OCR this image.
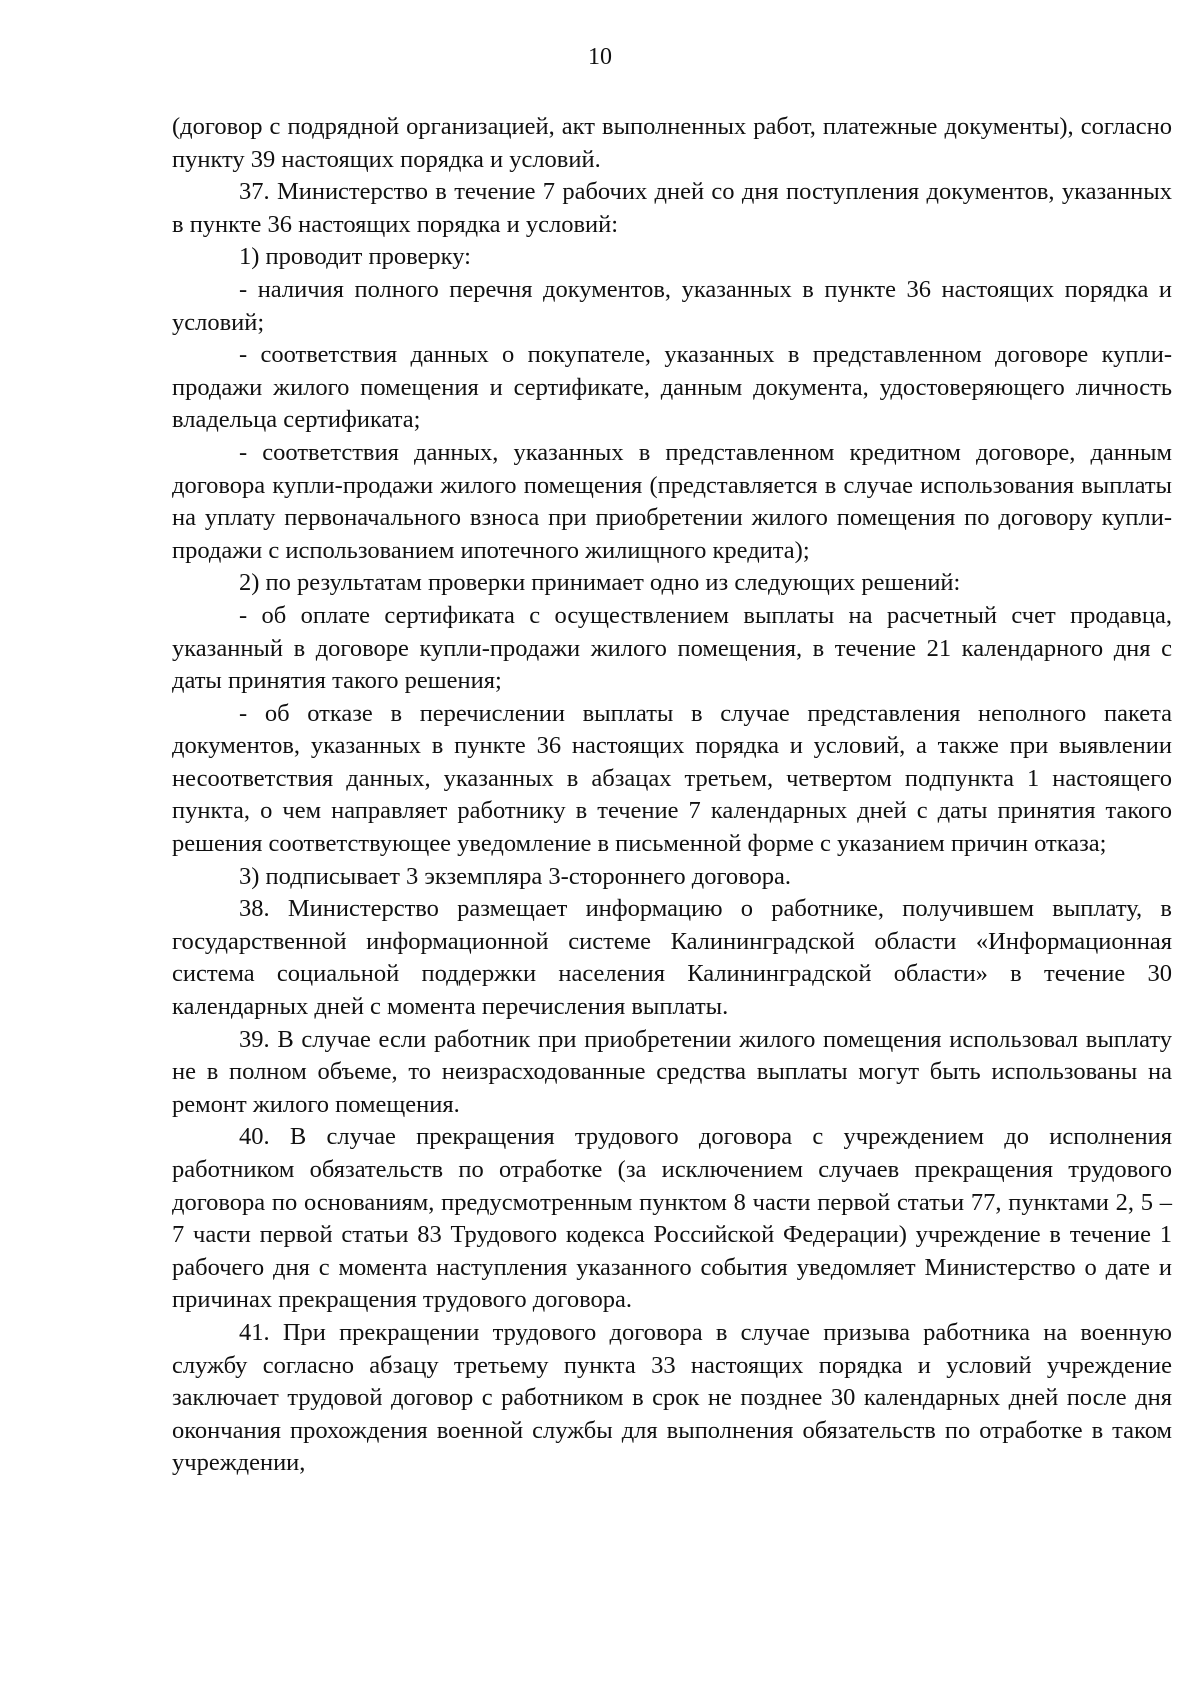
10

(договор с подрядной организацией, акт выполненных работ, платежные документы), согласно пункту 39 настоящих порядка и условий.

37. Министерство в течение 7 рабочих дней со дня поступления документов, указанных в пункте 36 настоящих порядка и условий:

1) проводит проверку:

- наличия полного перечня документов, указанных в пункте 36 настоящих порядка и условий;

- соответствия данных о покупателе, указанных в представленном договоре купли-продажи жилого помещения и сертификате, данным документа, удостоверяющего личность владельца сертификата;

- соответствия данных, указанных в представленном кредитном договоре, данным договора купли-продажи жилого помещения (представляется в случае использования выплаты на уплату первоначального взноса при приобретении жилого помещения по договору купли-продажи с использованием ипотечного жилищного кредита);

2) по результатам проверки принимает одно из следующих решений:

- об оплате сертификата с осуществлением выплаты на расчетный счет продавца, указанный в договоре купли-продажи жилого помещения, в течение 21 календарного дня с даты принятия такого решения;

- об отказе в перечислении выплаты в случае представления неполного пакета документов, указанных в пункте 36 настоящих порядка и условий, а также при выявлении несоответствия данных, указанных в абзацах третьем, четвертом подпункта 1 настоящего пункта, о чем направляет работнику в течение 7 календарных дней с даты принятия такого решения соответствующее уведомление в письменной форме с указанием причин отказа;

3) подписывает 3 экземпляра 3-стороннего договора.

38. Министерство размещает информацию о работнике, получившем выплату, в государственной информационной системе Калининградской области «Информационная система социальной поддержки населения Калининградской области» в течение 30 календарных дней с момента перечисления выплаты.

39. В случае если работник при приобретении жилого помещения использовал выплату не в полном объеме, то неизрасходованные средства выплаты могут быть использованы на ремонт жилого помещения.

40. В случае прекращения трудового договора с учреждением до исполнения работником обязательств по отработке (за исключением случаев прекращения трудового договора по основаниям, предусмотренным пунктом 8 части первой статьи 77, пунктами 2, 5 – 7 части первой статьи 83 Трудового кодекса Российской Федерации) учреждение в течение 1 рабочего дня с момента наступления указанного события уведомляет Министерство о дате и причинах прекращения трудового договора.

41. При прекращении трудового договора в случае призыва работника на военную службу согласно абзацу третьему пункта 33 настоящих порядка и условий учреждение заключает трудовой договор с работником в срок не позднее 30 календарных дней после дня окончания прохождения военной службы для выполнения обязательств по отработке в таком учреждении,
